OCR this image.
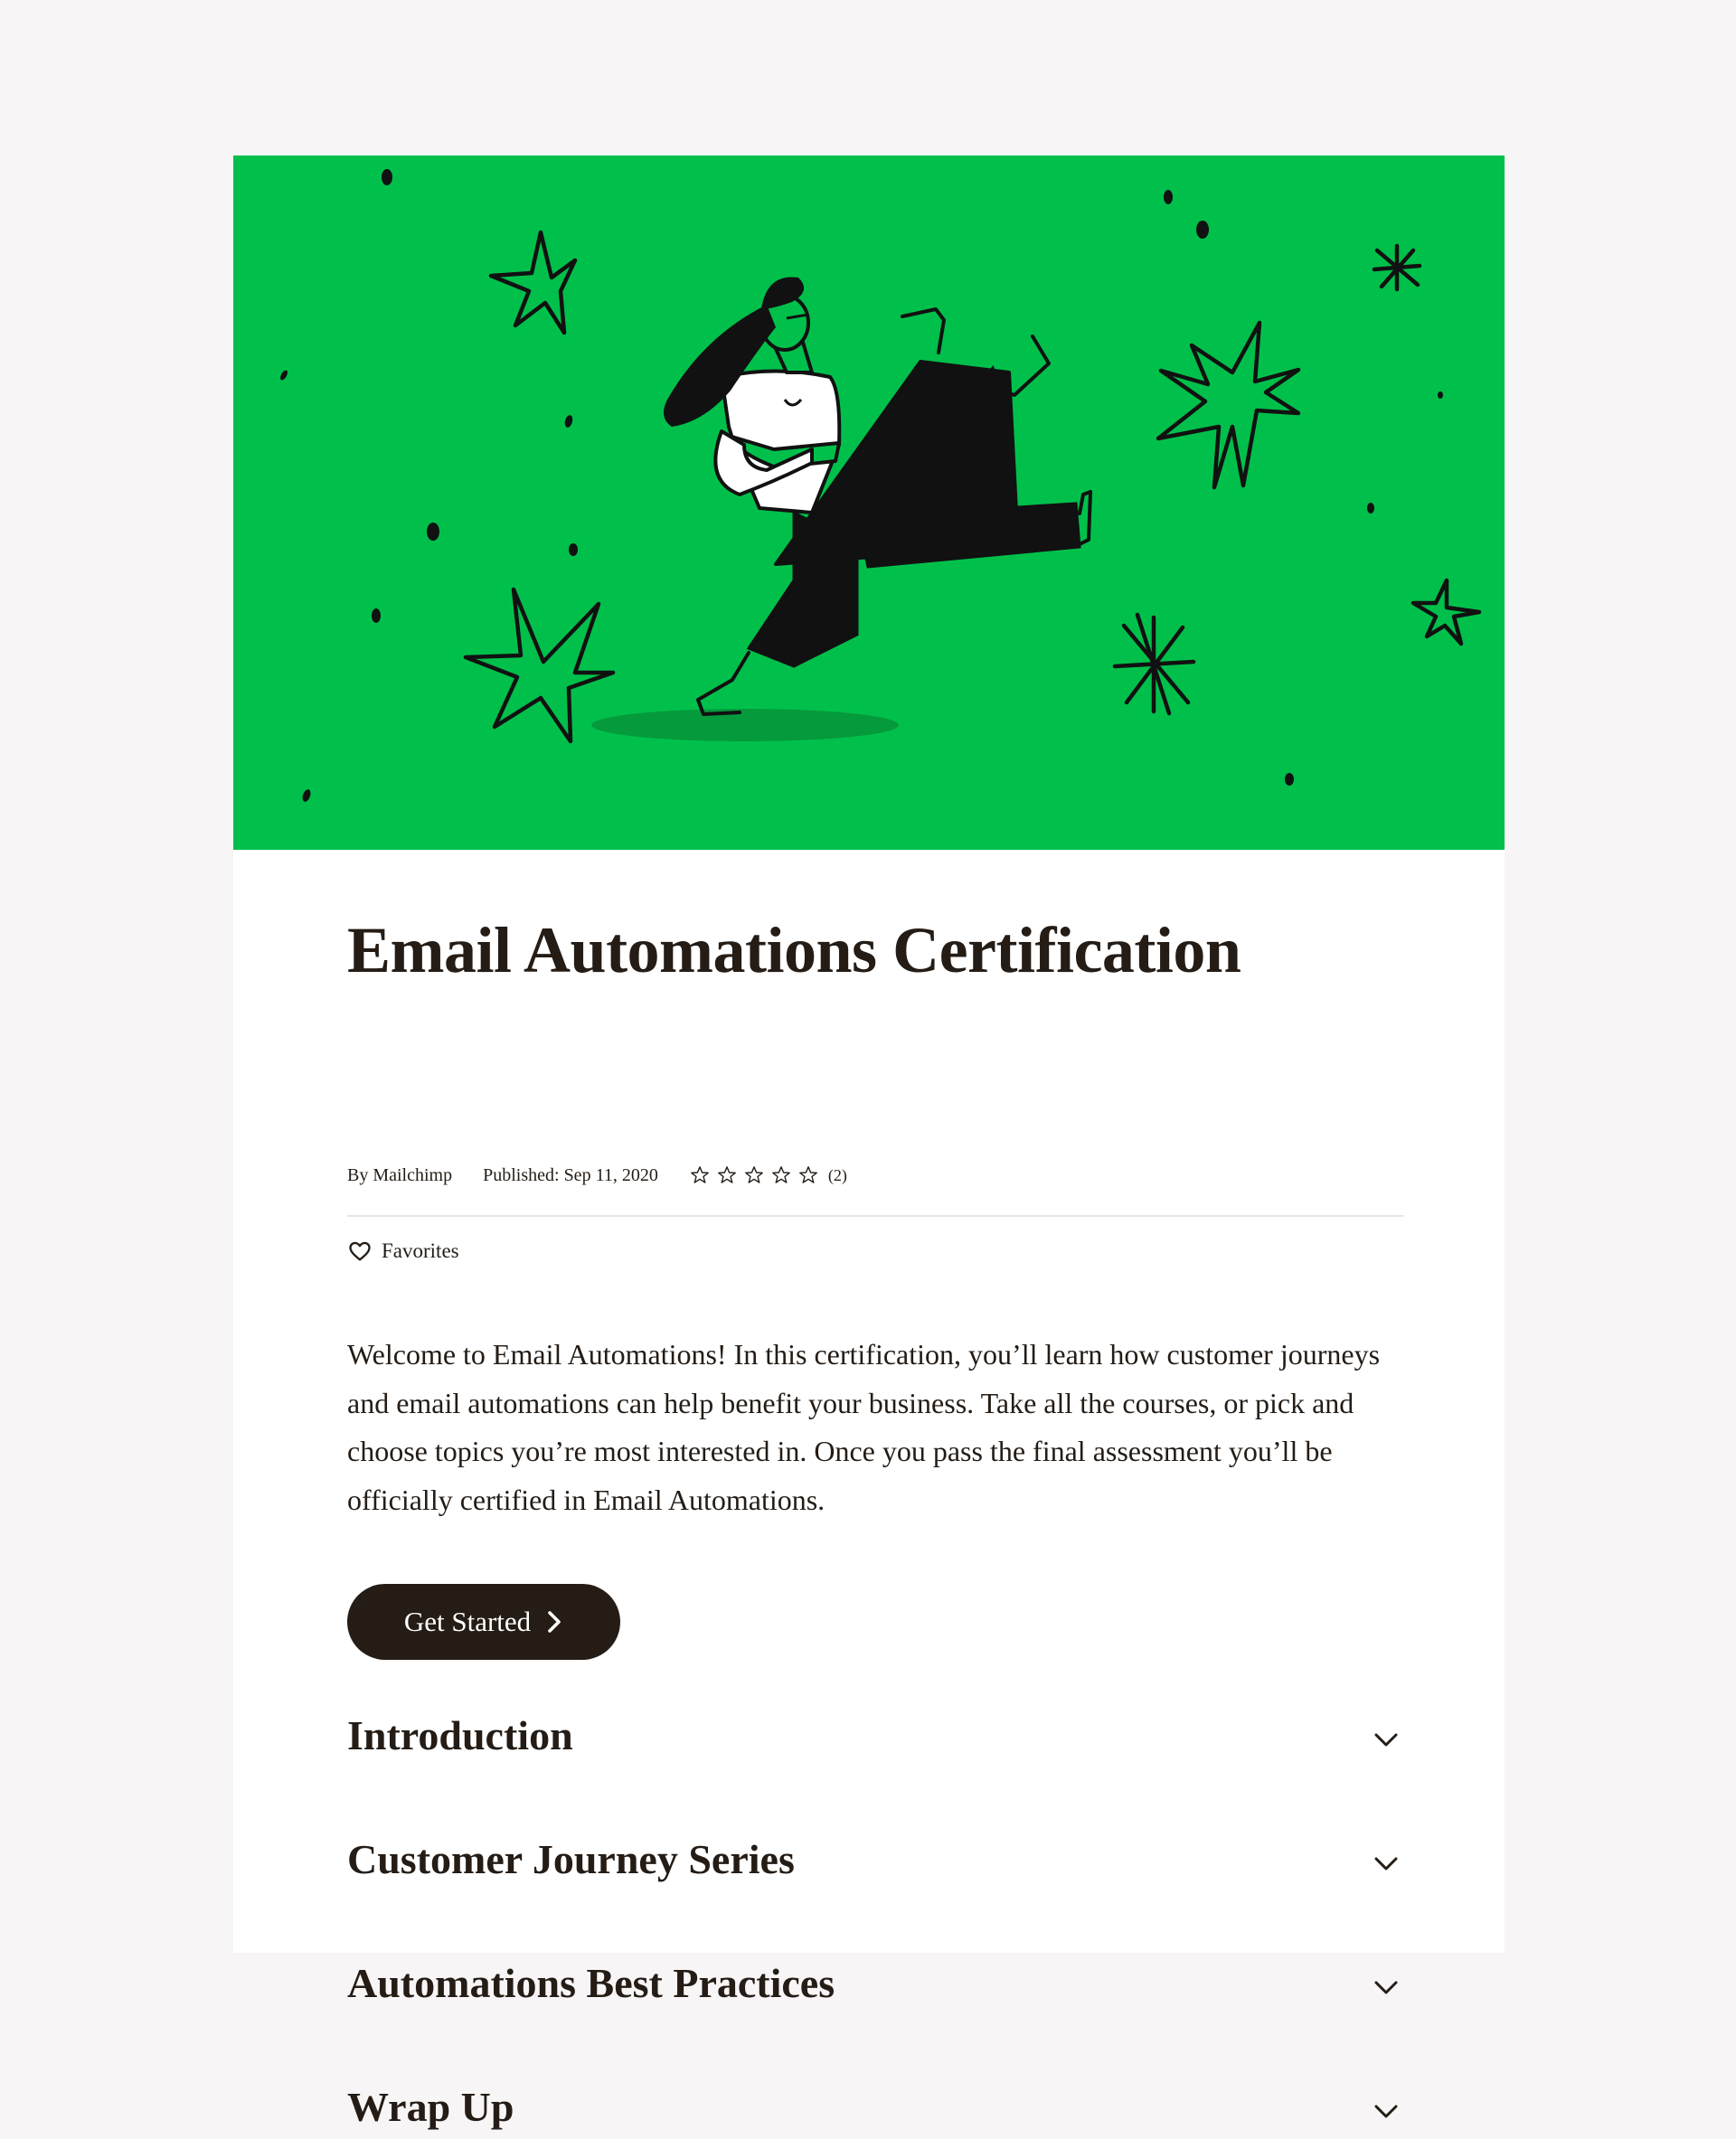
Email Automations Certification
By Mailchimp Published: Sep 11, 2020	(2)
Favorites

Welcome to Email Automations! In this certification, you’ll learn how customer journeys and email automations can help benefit your business. Take all the courses, or pick and choose topics you’re most interested in. Once you pass the final assessment you’ll be officially certified in Email Automations.

Get Started
Introduction
Customer Journey Series
Automations Best Practices
Wrap Up
